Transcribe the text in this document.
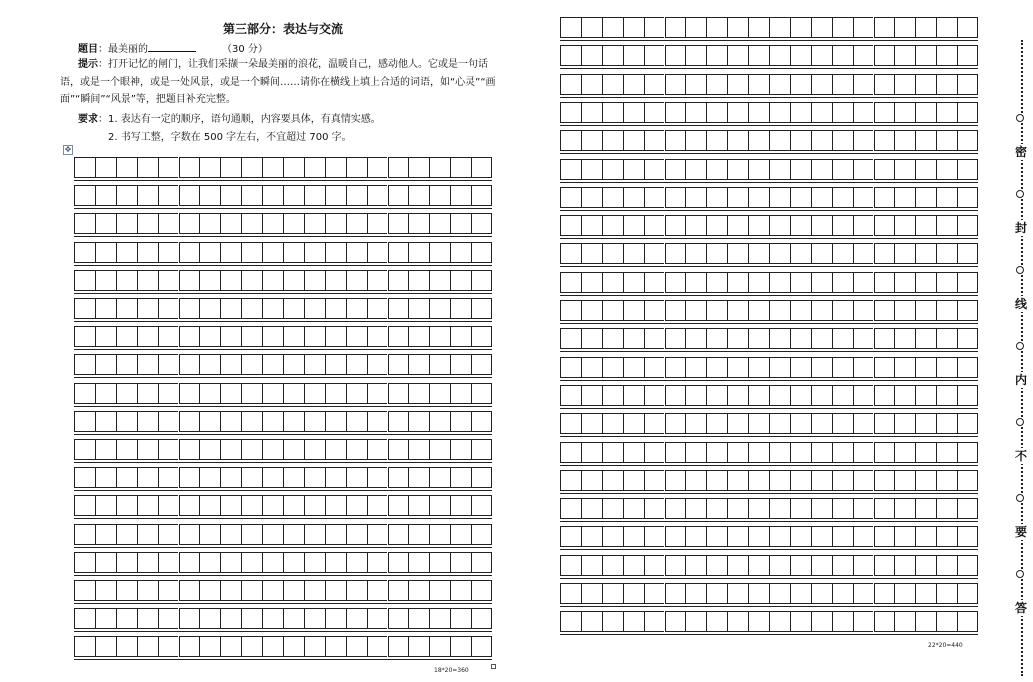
第三部分：表达与交流
题目：最美丽的	（30 分）
提示：打开记忆的闸门，让我们采撷一朵最美丽的浪花，温暖自己，感动他人。它或是一句话语，或是一个眼神，或是一处风景，或是一个瞬间……请你在横线上填上合适的词语，如“心灵”“画面”“瞬间”“风景”等，把题目补充完整。
要求：1. 表达有一定的顺序，语句通顺，内容要具体，有真情实感。
2. 书写工整，字数在 500 字左右，不宜超过 700 字。
✥
18*20=360
22*20=440
密
封
线
内
不
要
答
